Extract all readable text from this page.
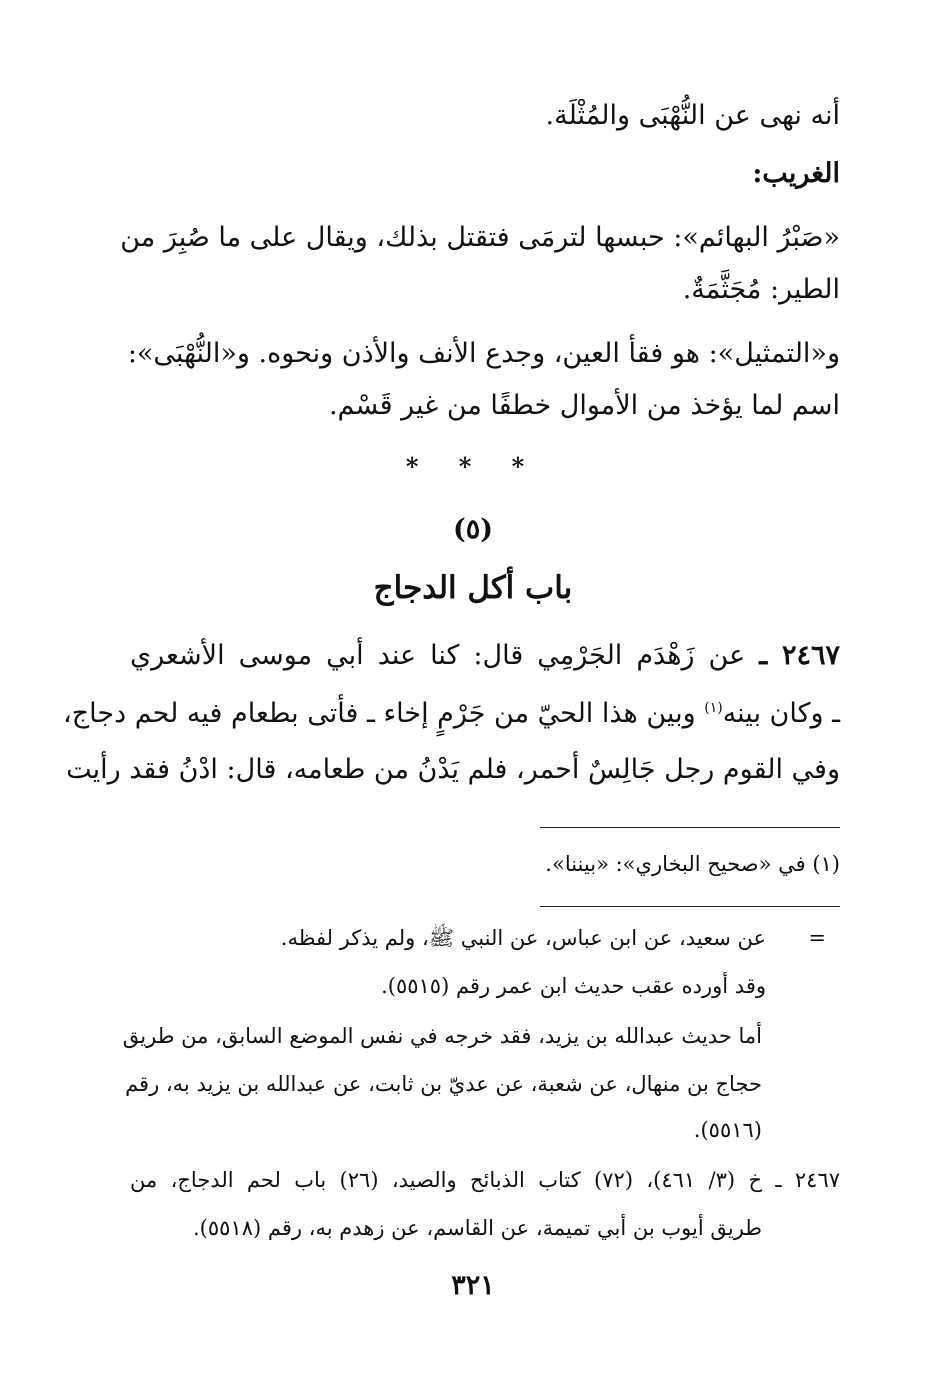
أنه نهى عن النُّهْبَى والمُثْلَة.
الغريب:
«صَبْرُ البهائم»: حبسها لترمَى فتقتل بذلك، ويقال على ما صُبِرَ من
الطير: مُجَثَّمَةٌ.
و«التمثيل»: هو فقأ العين، وجدع الأنف والأذن ونحوه. و«النُّهْبَى»:
اسم لما يؤخذ من الأموال خطفًا من غير قَسْم.
* * *
(٥)
باب أكل الدجاج
٢٤٦٧ ـ عن زَهْدَم الجَرْمِي قال: كنا عند أبي موسى الأشعري
ـ وكان بينه$^{(١)}$ وبين هذا الحيّ من جَرْمٍ إخاء ـ فأتى بطعام فيه لحم دجاج،
وفي القوم رجل جَالِسٌ أحمر، فلم يَدْنُ من طعامه، قال: ادْنُ فقد رأيت
(١) في «صحيح البخاري»: «بيننا».
=
عن سعيد، عن ابن عباس، عن النبي ﷺ، ولم يذكر لفظه.
وقد أورده عقب حديث ابن عمر رقم (٥٥١٥).
أما حديث عبدالله بن يزيد، فقد خرجه في نفس الموضع السابق، من طريق
حجاج بن منهال، عن شعبة، عن عديّ بن ثابت، عن عبدالله بن يزيد به، رقم
(٥٥١٦).
٢٤٦٧ ـ خ (٣/ ٤٦١)، (٧٢) كتاب الذبائح والصيد، (٢٦) باب لحم الدجاج، من
طريق أيوب بن أبي تميمة، عن القاسم، عن زهدم به، رقم (٥٥١٨).
٣٢١
